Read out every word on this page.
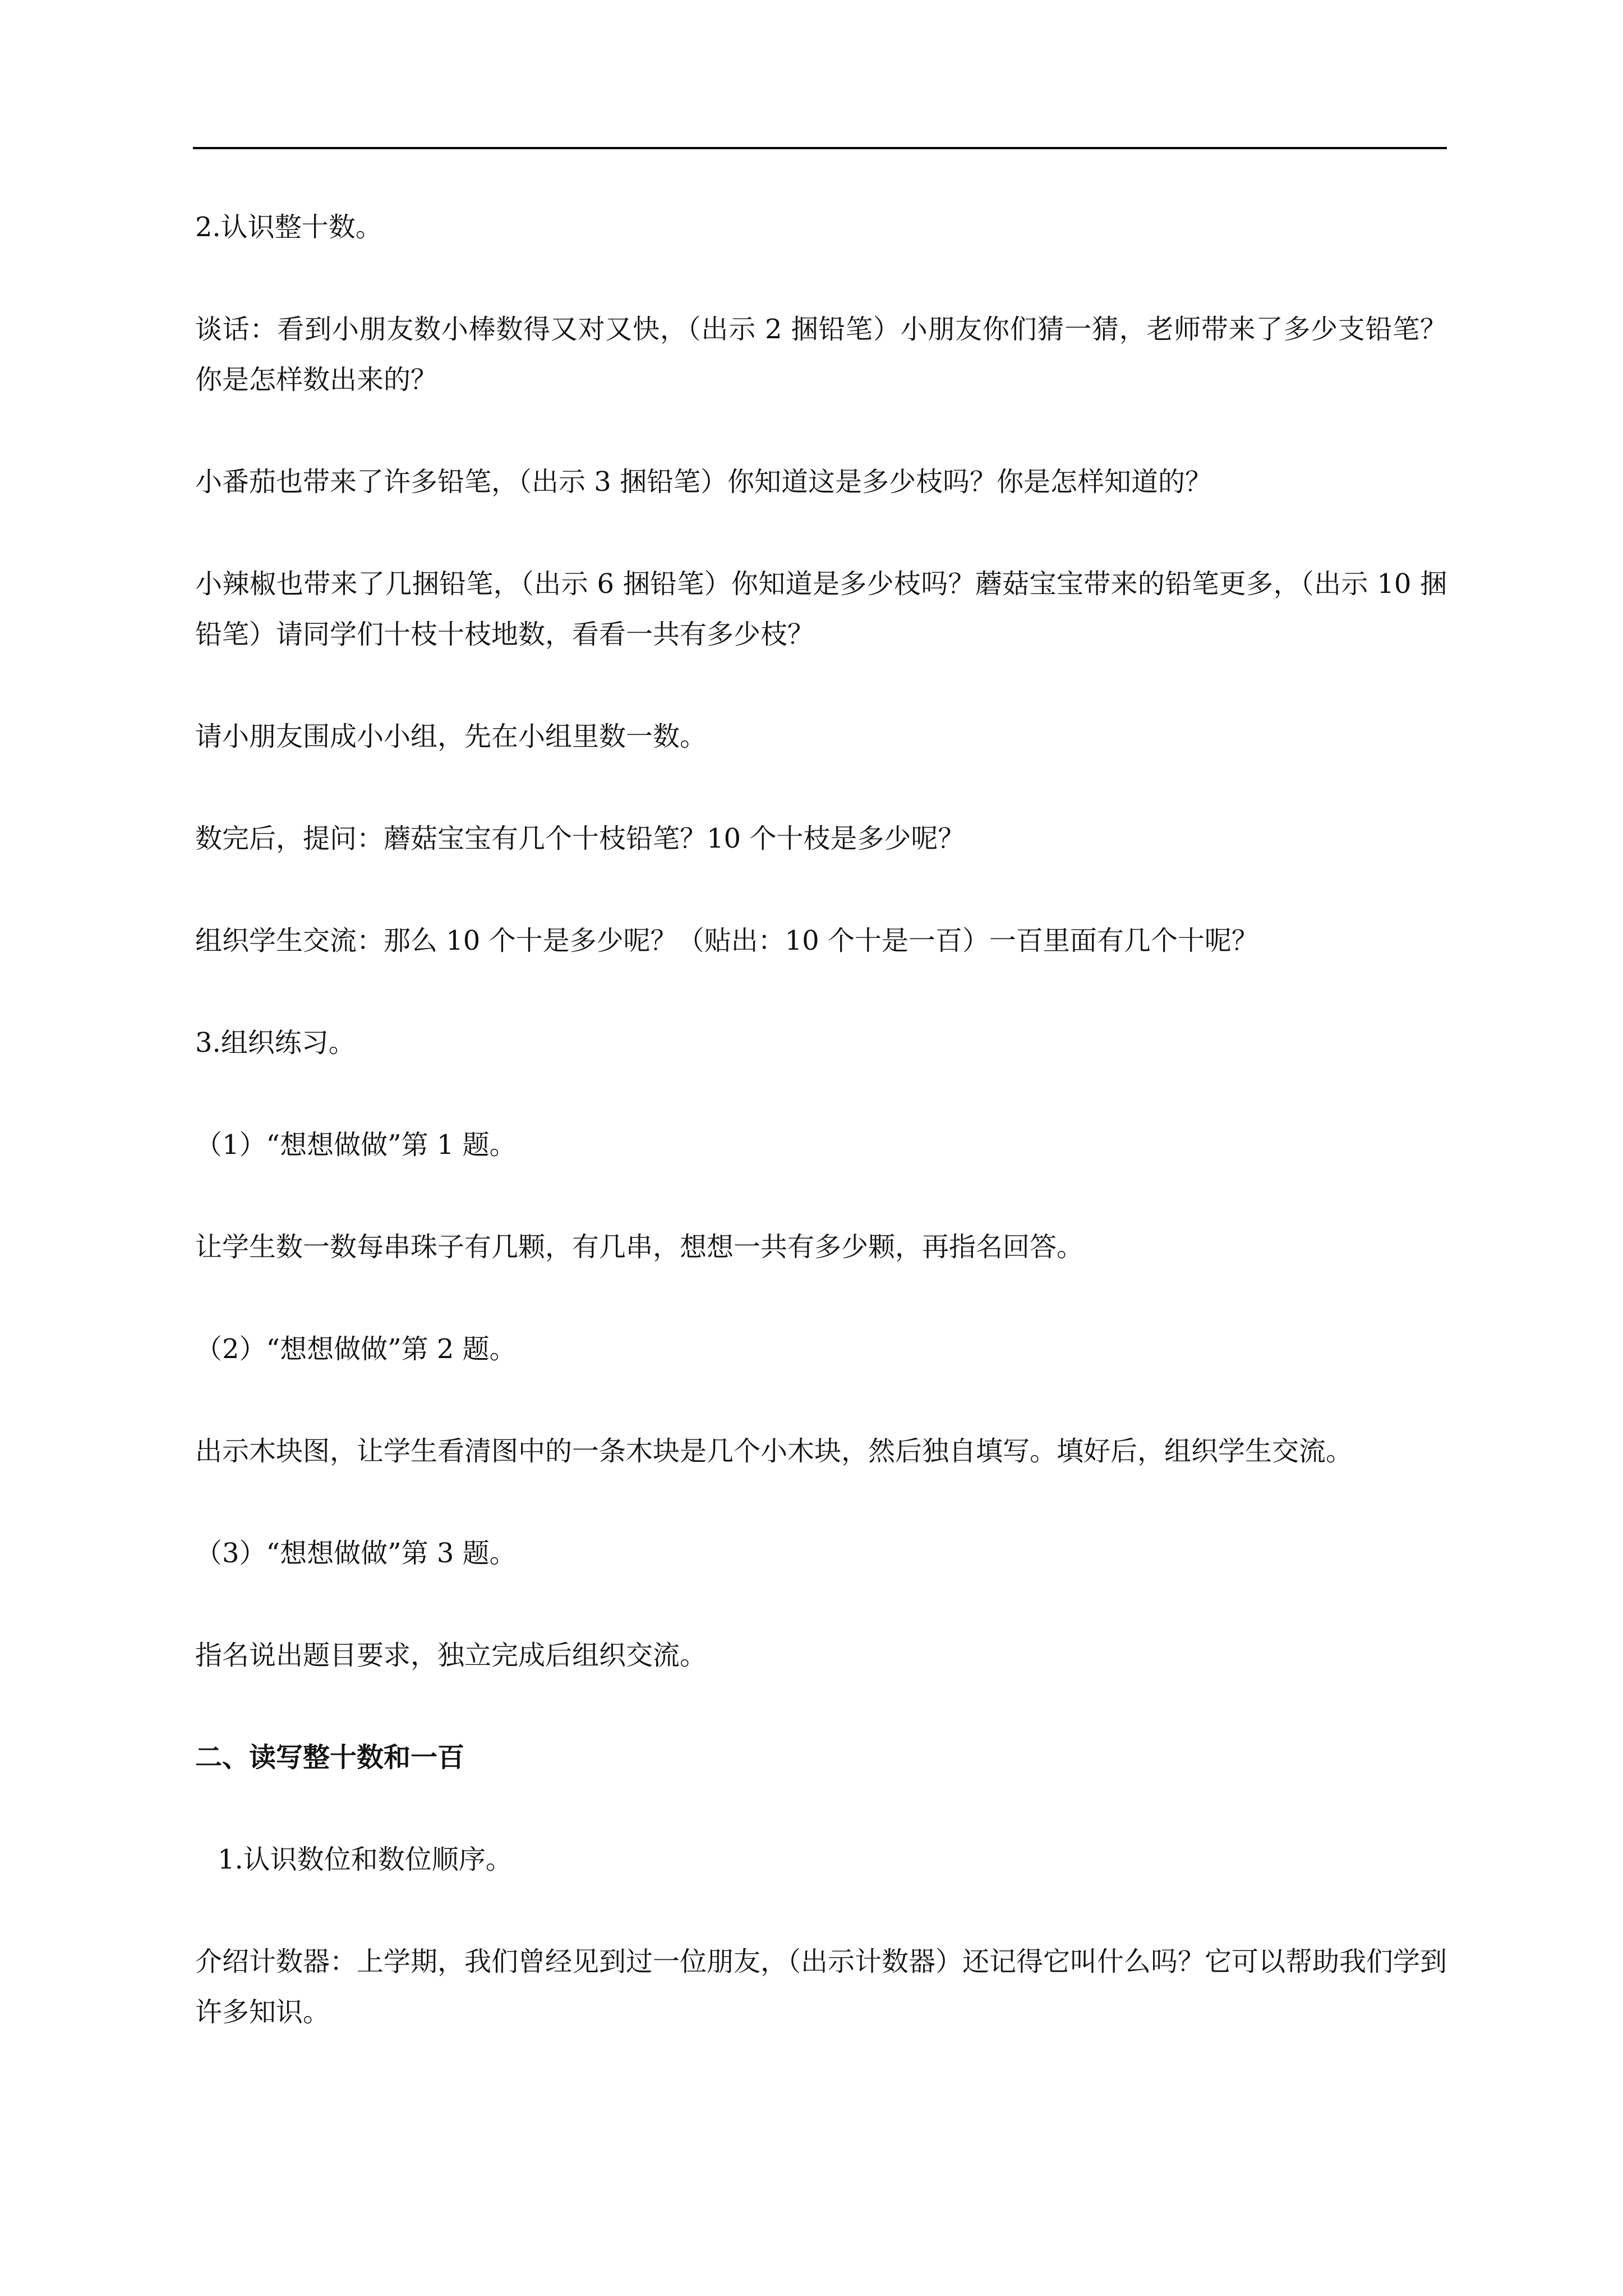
2.认识整十数。

谈话：看到小朋友数小棒数得又对又快，（出示 2 捆铅笔）小朋友你们猜一猜，老师带来了多少支铅笔？你是怎样数出来的？

小番茄也带来了许多铅笔，（出示 3 捆铅笔）你知道这是多少枝吗？你是怎样知道的？

小辣椒也带来了几捆铅笔，（出示 6 捆铅笔）你知道是多少枝吗？蘑菇宝宝带来的铅笔更多，（出示 10 捆铅笔）请同学们十枝十枝地数，看看一共有多少枝？

请小朋友围成小小组，先在小组里数一数。

数完后，提问：蘑菇宝宝有几个十枝铅笔？10 个十枝是多少呢？

组织学生交流：那么 10 个十是多少呢？（贴出：10 个十是一百）一百里面有几个十呢？

3.组织练习。

（1）“想想做做”第 1 题。

让学生数一数每串珠子有几颗，有几串，想想一共有多少颗，再指名回答。

（2）“想想做做”第 2 题。

出示木块图，让学生看清图中的一条木块是几个小木块，然后独自填写。填好后，组织学生交流。

（3）“想想做做”第 3 题。

指名说出题目要求，独立完成后组织交流。

二、读写整十数和一百

1.认识数位和数位顺序。

介绍计数器：上学期，我们曾经见到过一位朋友，（出示计数器）还记得它叫什么吗？它可以帮助我们学到许多知识。
